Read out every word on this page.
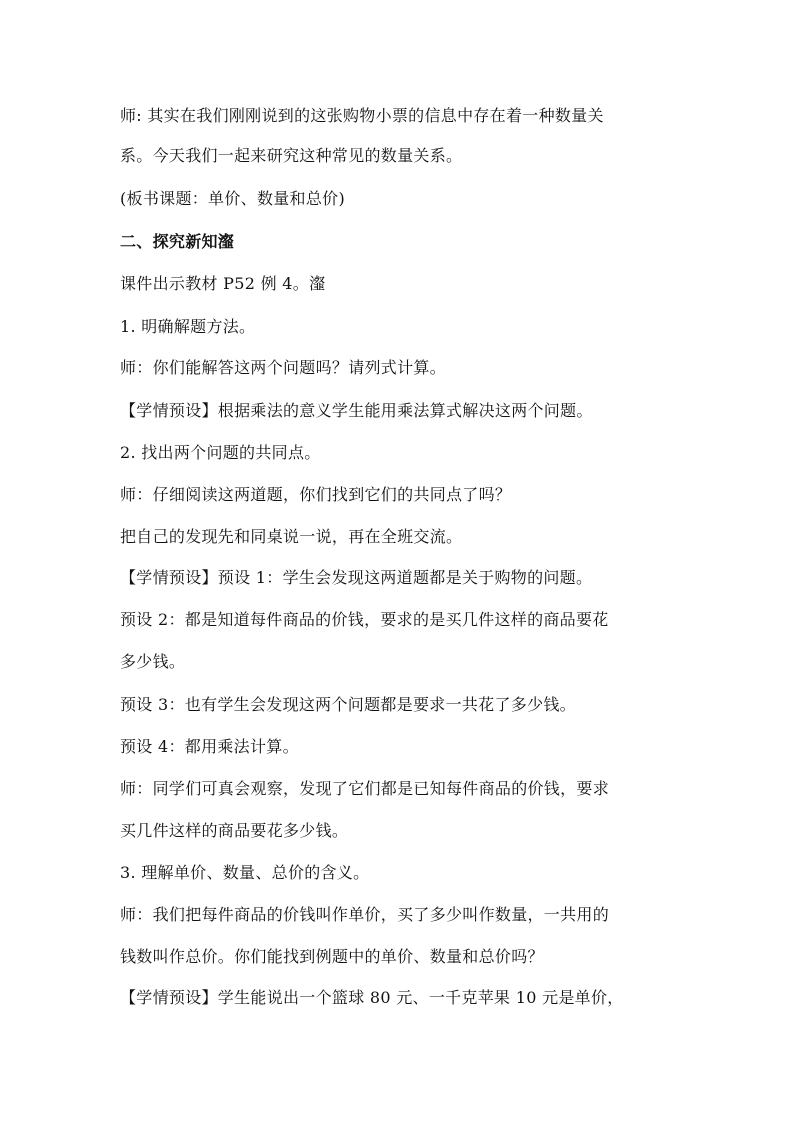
师: 其实在我们刚刚说到的这张购物小票的信息中存在着一种数量关
系。今天我们一起来研究这种常见的数量关系。
(板书课题：单价、数量和总价)
二、探究新知瀣
课件出示教材 P52 例 4。瀣
1. 明确解题方法。
师：你们能解答这两个问题吗？请列式计算。
【学情预设】根据乘法的意义学生能用乘法算式解决这两个问题。
2. 找出两个问题的共同点。
师：仔细阅读这两道题，你们找到它们的共同点了吗？
把自己的发现先和同桌说一说，再在全班交流。
【学情预设】预设 1：学生会发现这两道题都是关于购物的问题。
预设 2：都是知道每件商品的价钱，要求的是买几件这样的商品要花
多少钱。
预设 3：也有学生会发现这两个问题都是要求一共花了多少钱。
预设 4：都用乘法计算。
师：同学们可真会观察，发现了它们都是已知每件商品的价钱，要求
买几件这样的商品要花多少钱。
3. 理解单价、数量、总价的含义。
师：我们把每件商品的价钱叫作单价，买了多少叫作数量，一共用的
钱数叫作总价。你们能找到例题中的单价、数量和总价吗？
【学情预设】学生能说出一个篮球 80 元、一千克苹果 10 元是单价，
